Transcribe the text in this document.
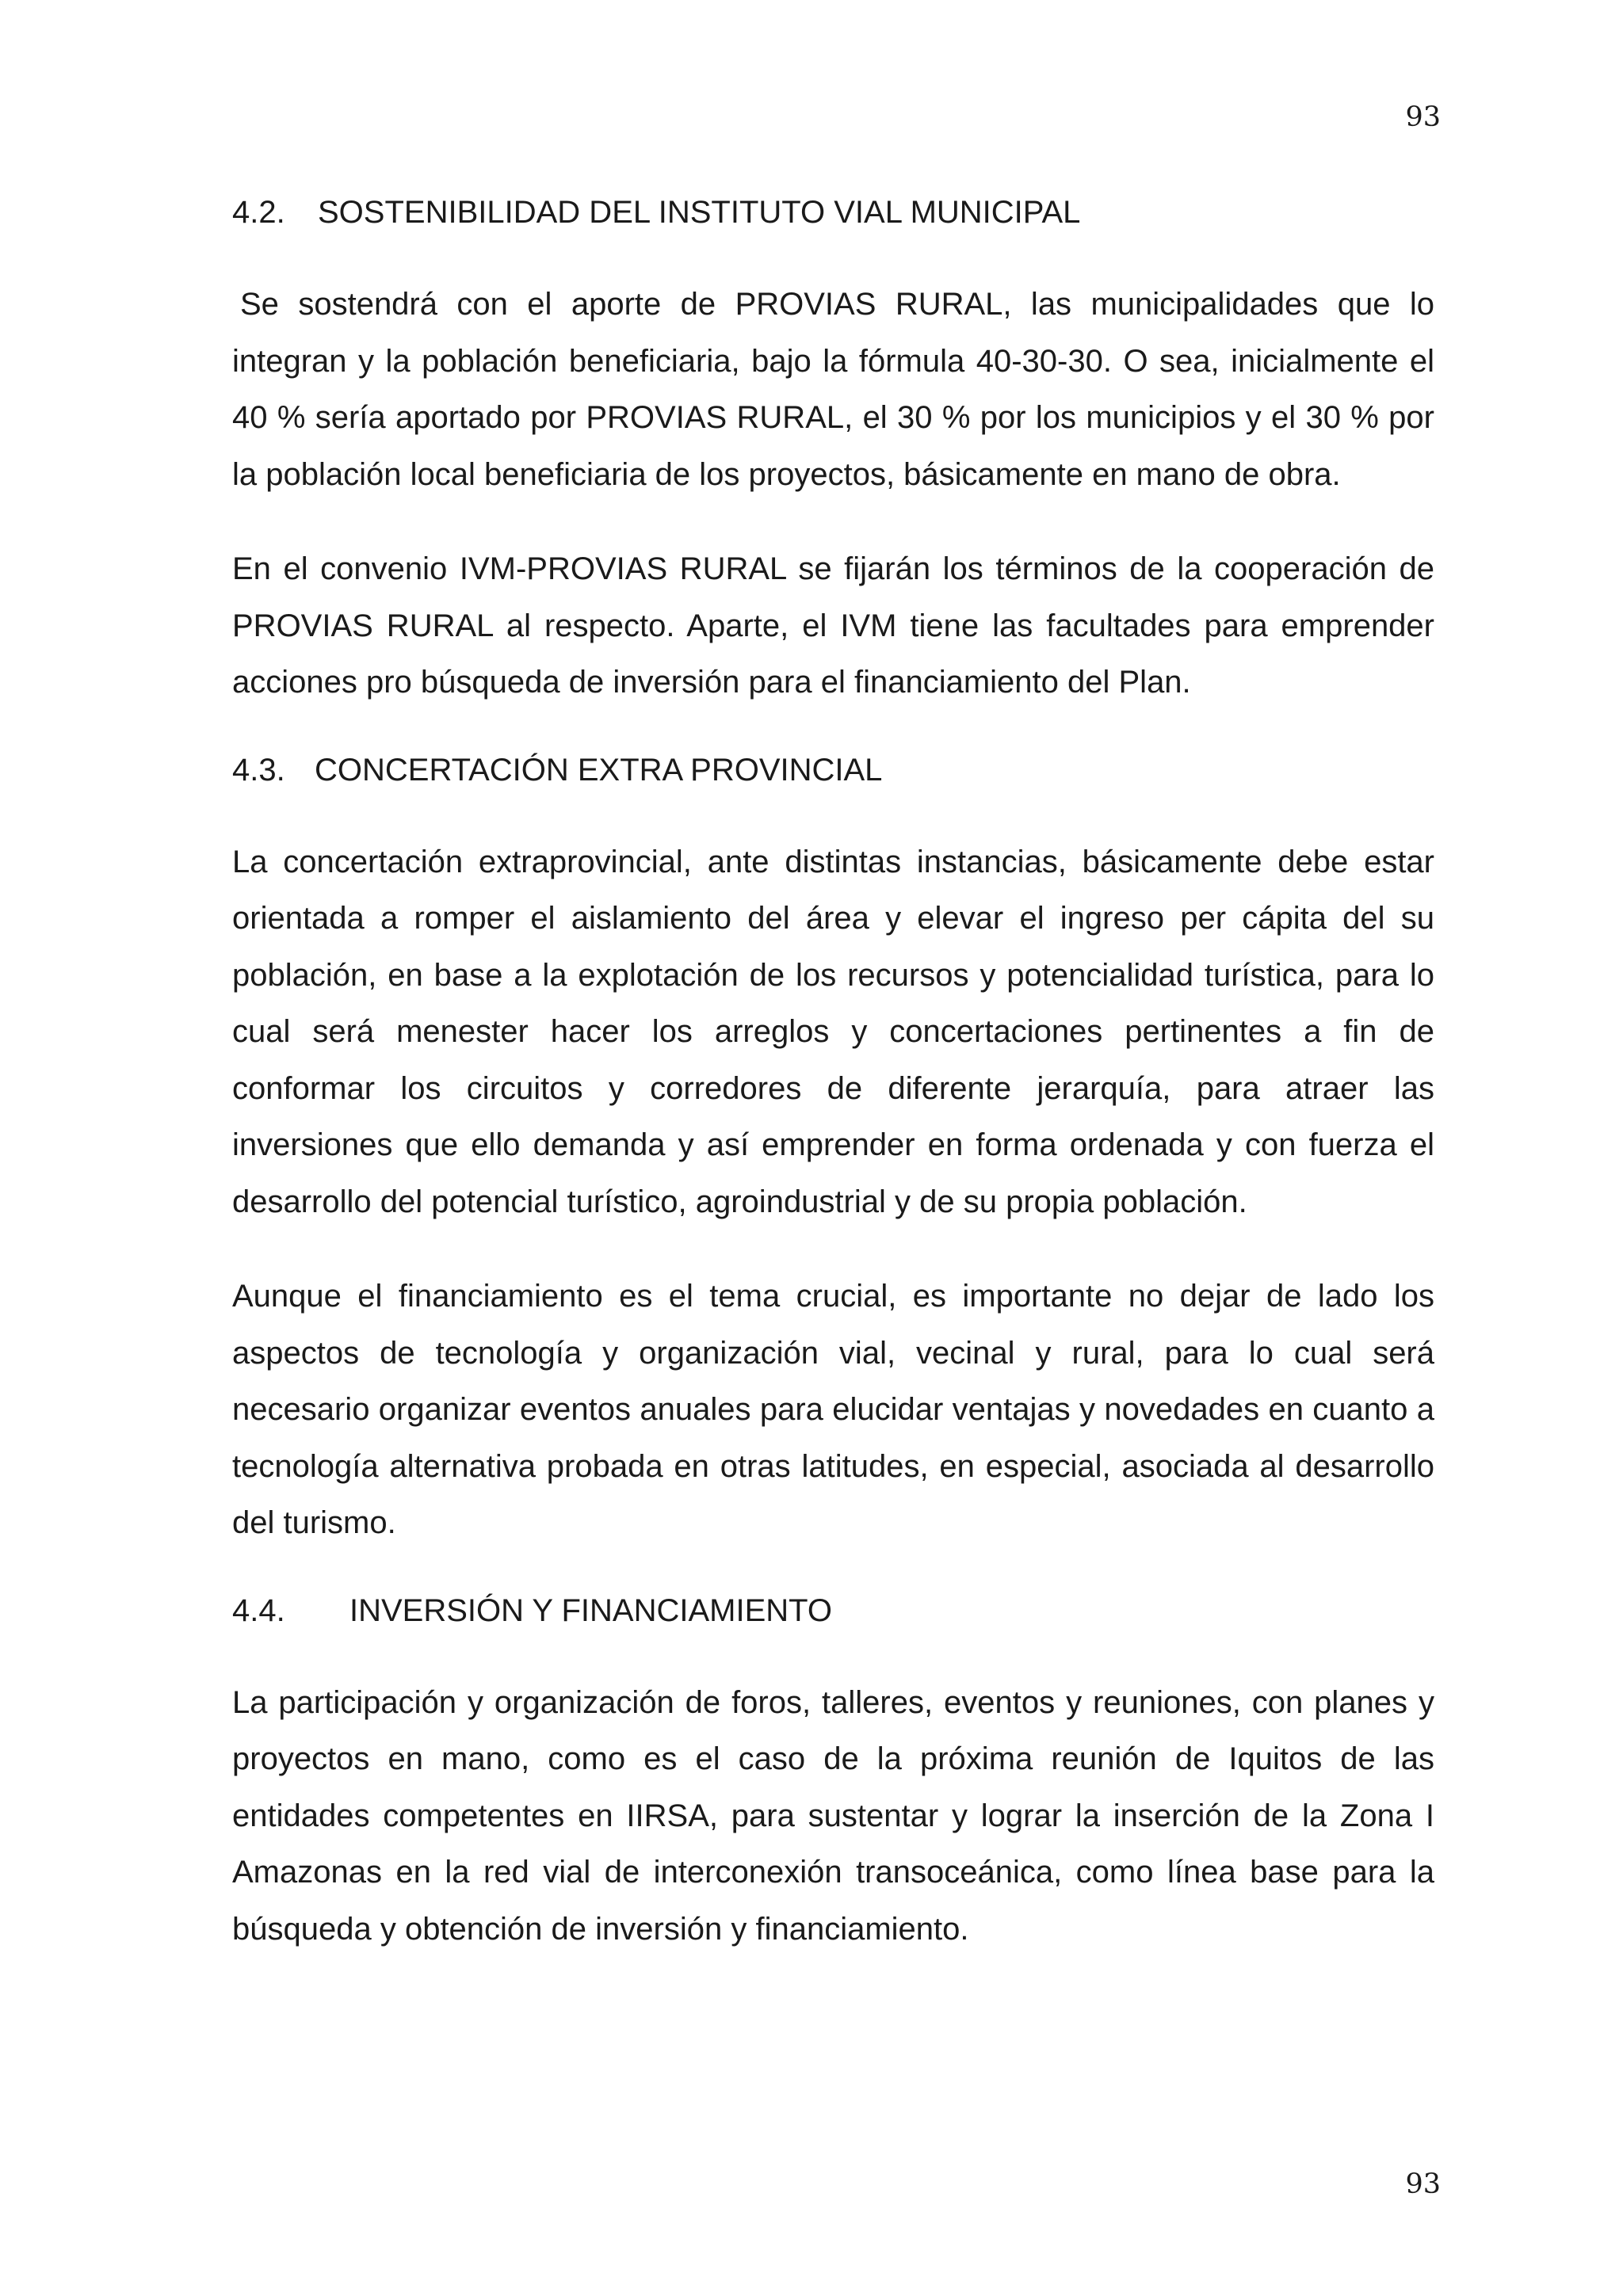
93
4.2.	SOSTENIBILIDAD DEL INSTITUTO VIAL MUNICIPAL

Se sostendrá con el aporte de PROVIAS RURAL, las municipalidades que lo integran y la población beneficiaria, bajo la fórmula 40-30-30. O sea, inicialmente el 40 % sería aportado por PROVIAS RURAL, el 30 % por los municipios y el 30 % por la población local beneficiaria de los proyectos, básicamente en mano de obra.

En el convenio IVM-PROVIAS RURAL se fijarán los términos de la cooperación de PROVIAS RURAL al respecto. Aparte, el IVM tiene las facultades para emprender acciones pro búsqueda de inversión para el financiamiento del Plan.

4.3. CONCERTACIÓN EXTRA PROVINCIAL

La concertación extraprovincial, ante distintas instancias, básicamente debe estar orientada a romper el aislamiento del área y elevar el ingreso per cápita del su población, en base a la explotación de los recursos y potencialidad turística, para lo cual será menester hacer los arreglos y concertaciones pertinentes a fin de conformar los circuitos y corredores de diferente jerarquía, para atraer las inversiones que ello demanda y así emprender en forma ordenada y con fuerza el desarrollo del potencial turístico, agroindustrial y de su propia población.

Aunque el financiamiento es el tema crucial, es importante no dejar de lado los aspectos de tecnología y organización vial, vecinal y rural, para lo cual será necesario organizar eventos anuales para elucidar ventajas y novedades en cuanto a tecnología alternativa probada en otras latitudes, en especial, asociada al desarrollo del turismo.

4.4.	INVERSIÓN Y FINANCIAMIENTO

La participación y organización de foros, talleres, eventos y reuniones, con planes y proyectos en mano, como es el caso de la próxima reunión de Iquitos de las entidades competentes en IIRSA, para sustentar y lograr la inserción de la Zona I Amazonas en la red vial de interconexión transoceánica, como línea base para la búsqueda y obtención de inversión y financiamiento.

93
